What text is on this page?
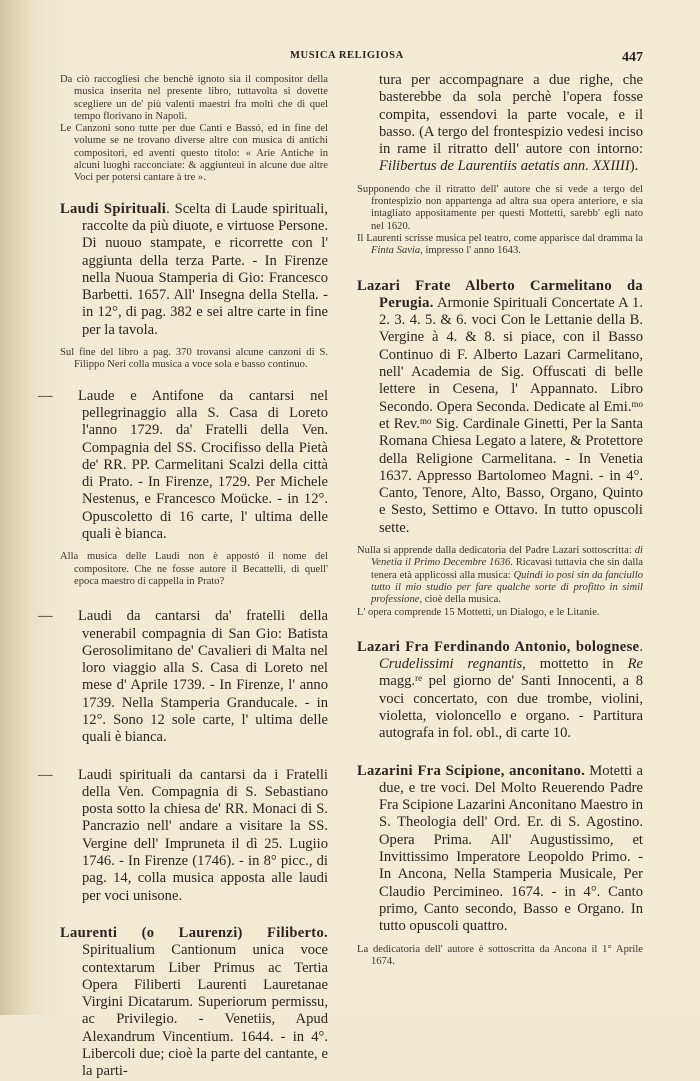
MUSICA RELIGIOSA	447

Da ciò raccogliesi che benchè ignoto sia il compositor della musica inserita nel presente libro, tuttavolta si dovette scegliere un de' più valenti maestri fra molti che di quel tempo florivano in Napoli.

Le Canzoni sono tutte per due Canti e Bassó, ed in fine del volume se ne trovano diverse altre con musica di antichi compositori, ed aventi questo titolo: « Arie Antiche in alcuni luoghi racconciate: & aggiunteui in alcune due altre Voci per potersi cantare à tre ».

Laudi Spirituali. Scelta di Laude spirituali, raccolte da più diuote, e virtuose Persone. Di nuouo stampate, e ricorrette con l' aggiunta della terza Parte. - In Firenze nella Nuoua Stamperia di Gio: Francesco Barbetti. 1657. All' Insegna della Stella. - in 12°, di pag. 382 e sei altre carte in fine per la tavola.

Sul fine del libro a pag. 370 trovansi alcune canzoni di S. Filippo Neri colla musica a voce sola e basso continuo.

— Laude e Antifone da cantarsi nel pellegrinaggio alla S. Casa di Loreto l'anno 1729. da' Fratelli della Ven. Compagnia del SS. Crocifisso della Pietà de' RR. PP. Carmelitani Scalzi della città di Prato. - In Firenze, 1729. Per Michele Nestenus, e Francesco Moücke. - in 12°. Opuscoletto di 16 carte, l' ultima delle quali è bianca.

Alla musica delle Laudi non è appostó il nome del compositore. Che ne fosse autore il Becattelli, di quell' epoca maestro di cappella in Prato?

— Laudi da cantarsi da' fratelli della venerabil compagnia di San Gio: Batista Gerosolimitano de' Cavalieri di Malta nel loro viaggio alla S. Casa di Loreto nel mese d' Aprile 1739. - In Firenze, l' anno 1739. Nella Stamperia Granducale. - in 12°. Sono 12 sole carte, l' ultima delle quali è bianca.

— Laudi spirituali da cantarsi da i Fratelli della Ven. Compagnia di S. Sebastiano posta sotto la chiesa de' RR. Monaci di S. Pancrazio nell' andare a visitare la SS. Vergine dell' Impruneta il dì 25. Lugiio 1746. - In Firenze (1746). - in 8° picc., di pag. 14, colla musica apposta alle laudi per voci unisone.

Laurenti (o Laurenzi) Filiberto. Spiritualium Cantionum unica voce contextarum Liber Primus ac Tertia Opera Filiberti Laurenti Lauretanae Virgini Dicatarum. Superiorum permissu, ac Privilegio. - Venetiis, Apud Alexandrum Vincentium. 1644. - in 4°. Libercoli due; cioè la parte del cantante, e la parti-

tura per accompagnare a due righe, che basterebbe da sola perchè l'opera fosse compita, essendovi la parte vocale, e il basso. (A tergo del frontespizio vedesi inciso in rame il ritratto dell' autore con intorno: Filibertus de Laurentiis aetatis ann. XXIIII).

Supponendo che il ritratto dell' autore che si vede a tergo del frontespizio non appartenga ad altra sua opera anteriore, e sia intagliato appositamente per questi Mottetti, sarebb' egli nato nel 1620.

Il Laurenti scrisse musica pel teatro, come apparisce dal dramma la Finta Savia, impresso l' anno 1643.

Lazari Frate Alberto Carmelitano da Perugia. Armonie Spirituali Concertate A 1. 2. 3. 4. 5. & 6. voci Con le Lettanie della B. Vergine à 4. & 8. si piace, con il Basso Continuo di F. Alberto Lazari Carmelitano, nell' Academia de Sig. Offuscati di belle lettere in Cesena, l' Appannato. Libro Secondo. Opera Seconda. Dedicate al Emi.$^{mo}$ et Rev.$^{mo}$ Sig. Cardinale Ginetti, Per la Santa Romana Chiesa Legato a latere, & Protettore della Religione Carmelitana. - In Venetia 1637. Appresso Bartolomeo Magni. - in 4°. Canto, Tenore, Alto, Basso, Organo, Quinto e Sesto, Settimo e Ottavo. In tutto opuscoli sette.

Nulla si apprende dalla dedicatoria del Padre Lazari sottoscritta: di Venetia il Primo Decembre 1636. Ricavasi tuttavia che sin dalla tenera età applicossi alla musica: Quindi io posi sin da fanciullo tutto il mio studio per fare qualche sorte di profitto in simil professione, cioè della musica.

L' opera comprende 15 Mottetti, un Dialogo, e le Litanie.

Lazari Fra Ferdinando Antonio, bolognese. Crudelissimi regnantis, mottetto in Re magg.$^{re}$ pel giorno de' Santi Innocenti, a 8 voci concertato, con due trombe, violini, violetta, violoncello e organo. - Partitura autografa in fol. obl., di carte 10.

Lazarini Fra Scipione, anconitano. Motetti a due, e tre voci. Del Molto Reuerendo Padre Fra Scipione Lazarini Anconitano Maestro in S. Theologia dell' Ord. Er. di S. Agostino. Opera Prima. All' Augustissimo, et Invittissimo Imperatore Leopoldo Primo. - In Ancona, Nella Stamperia Musicale, Per Claudio Percimineo. 1674. - in 4°. Canto primo, Canto secondo, Basso e Organo. In tutto opuscoli quattro.

La dedicatoria dell' autore è sottoscritta da Ancona il 1° Aprile 1674.
